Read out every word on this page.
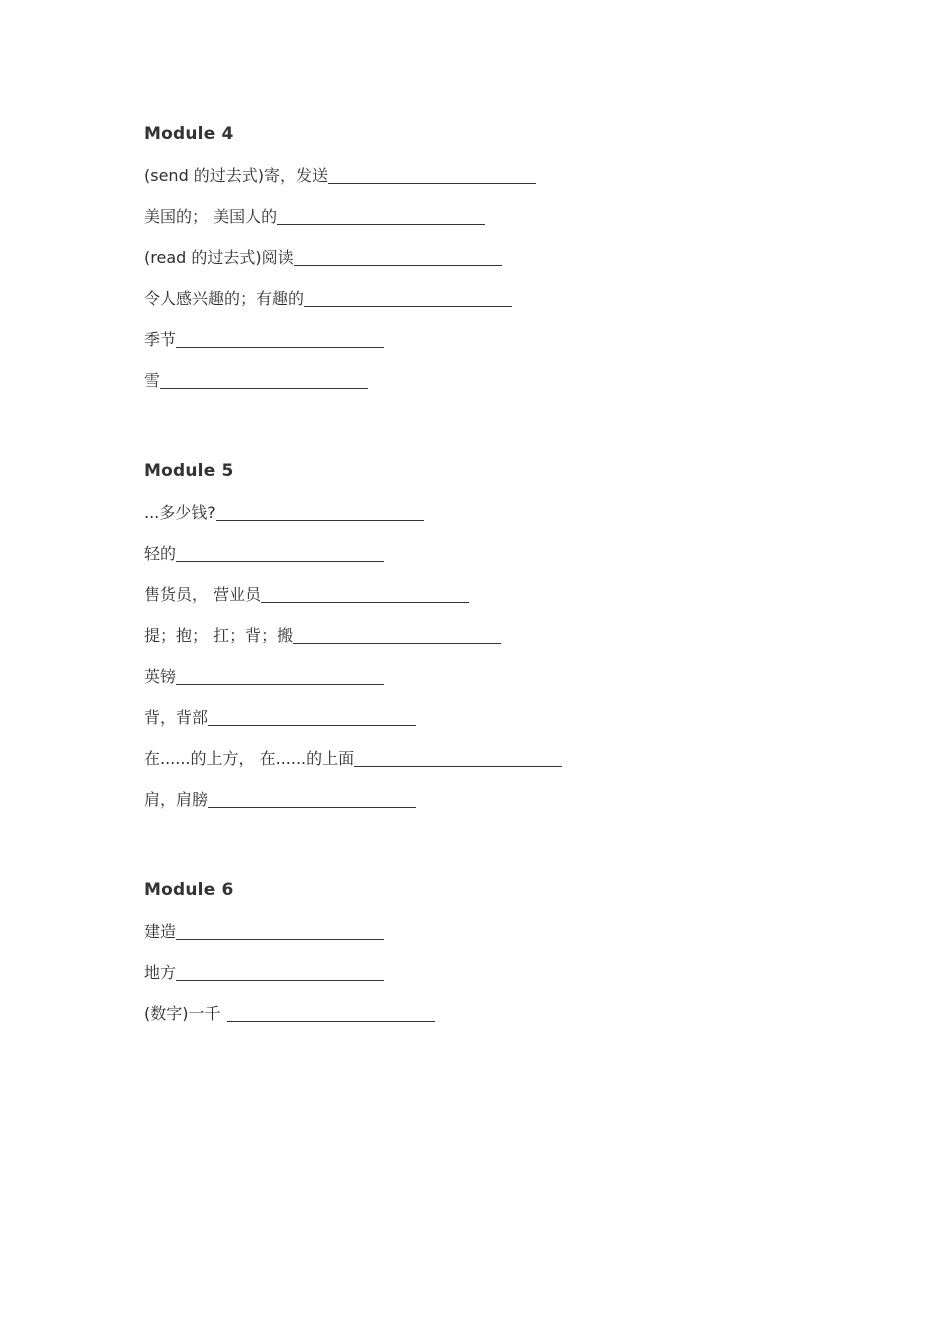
Module 4
(send 的过去式)寄，发送
美国的； 美国人的
(read 的过去式)阅读
令人感兴趣的；有趣的
季节
雪
Module 5
...多少钱?
轻的
售货员， 营业员
提；抱； 扛；背；搬
英镑
背，背部
在......的上方， 在......的上面
肩，肩膀
Module 6
建造
地方
(数字)一千
